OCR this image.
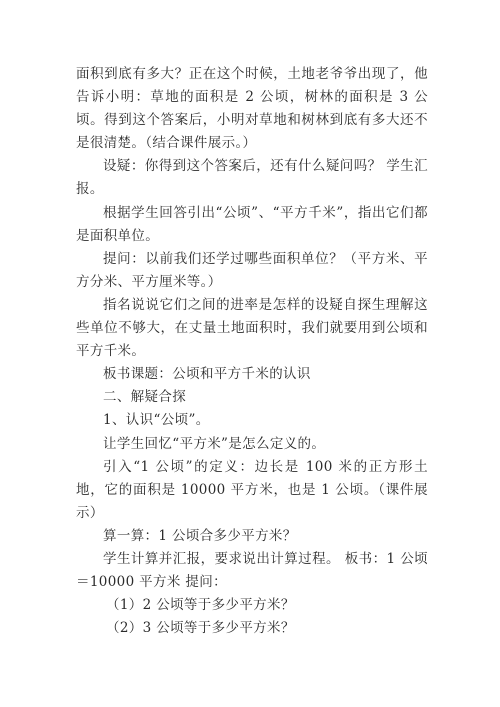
面积到底有多大？正在这个时候，土地老爷爷出现了，他告诉小明：草地的面积是 2 公顷，树林的面积是 3 公顷。得到这个答案后，小明对草地和树林到底有多大还不是很清楚。（结合课件展示。）

设疑：你得到这个答案后，还有什么疑问吗？ 学生汇报。

根据学生回答引出“公顷”、“平方千米”，指出它们都是面积单位。

提问：以前我们还学过哪些面积单位？（平方米、平方分米、平方厘米等。）

指名说说它们之间的进率是怎样的设疑自探生理解这些单位不够大，在丈量土地面积时，我们就要用到公顷和平方千米。

板书课题：公顷和平方千米的认识

二、解疑合探

1、认识“公顷”。

让学生回忆“平方米”是怎么定义的。

引入“1 公顷”的定义：边长是 100 米的正方形土地，它的面积是 10000 平方米，也是 1 公顷。（课件展示）

算一算：1 公顷合多少平方米？

学生计算并汇报，要求说出计算过程。 板书：1 公顷＝10000 平方米 提问：

（1）2 公顷等于多少平方米？

（2）3 公顷等于多少平方米？
